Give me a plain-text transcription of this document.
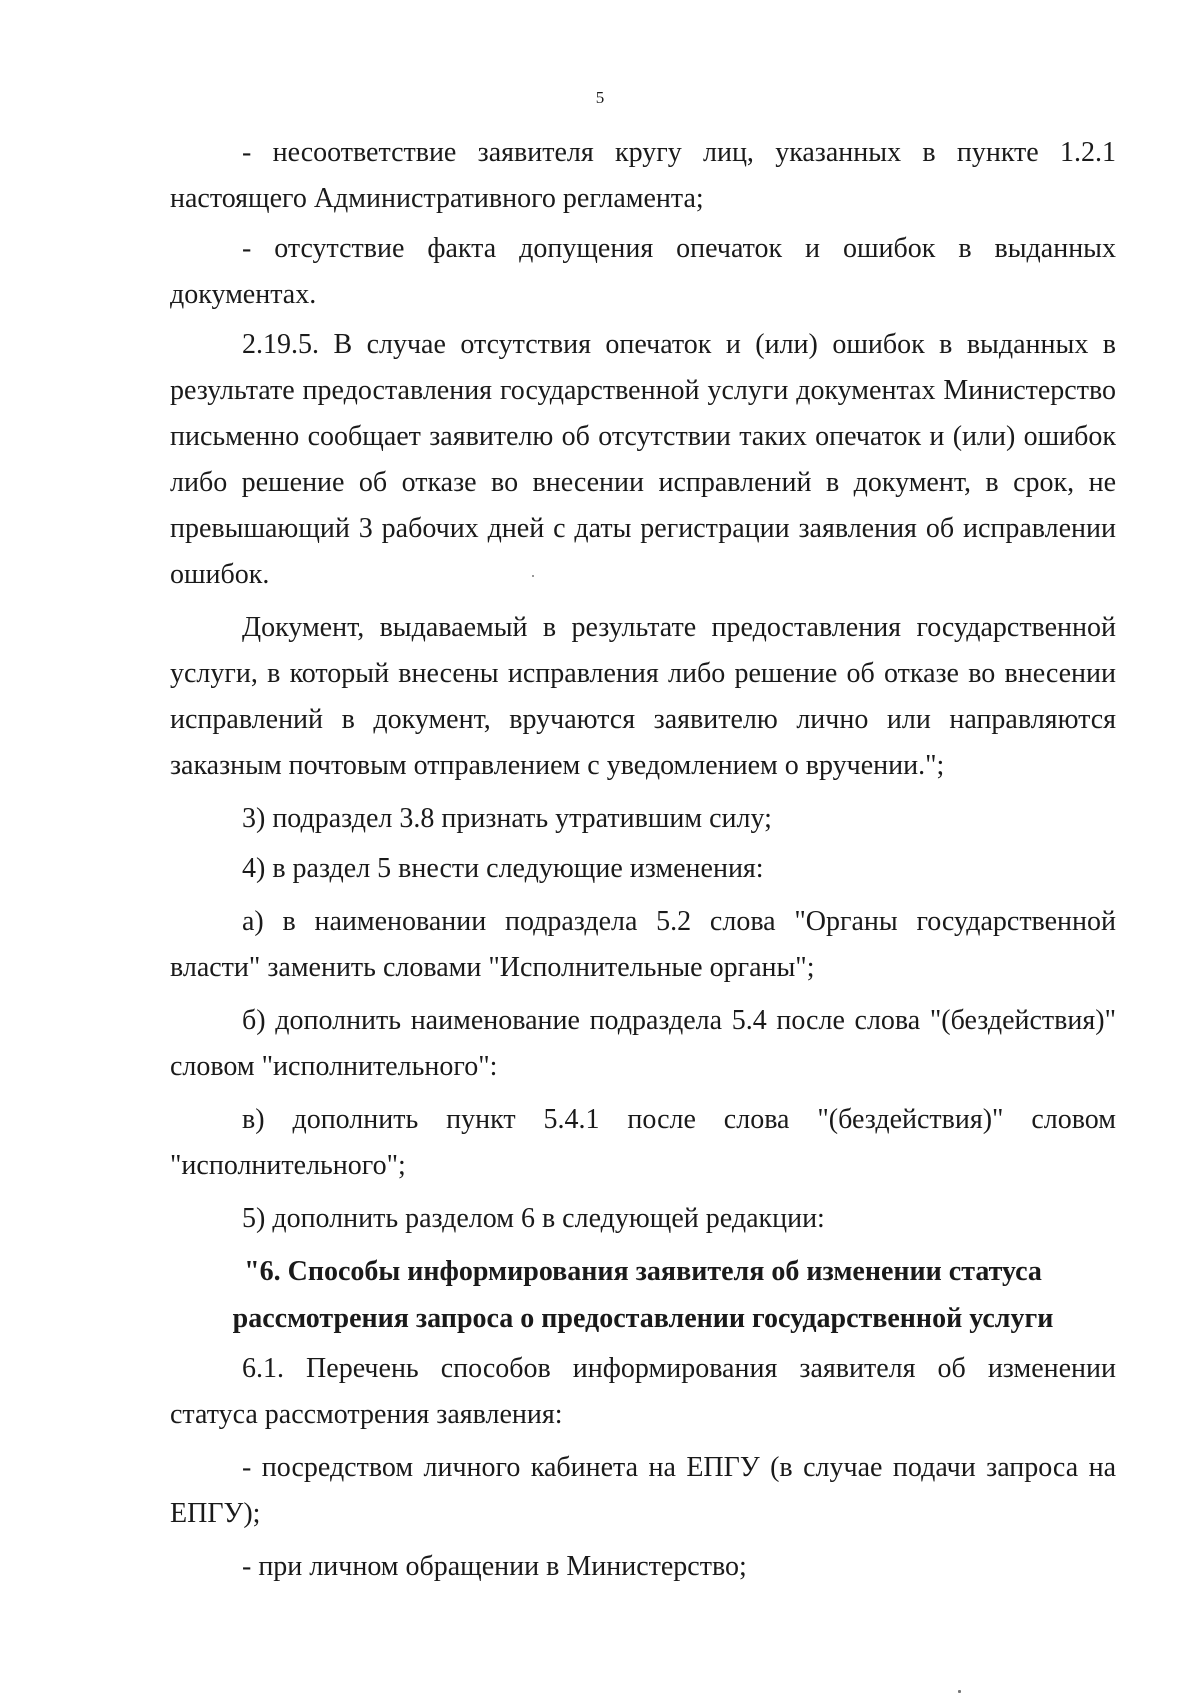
5

- несоответствие заявителя кругу лиц, указанных в пункте 1.2.1 настоящего Административного регламента;

- отсутствие факта допущения опечаток и ошибок в выданных документах.

2.19.5. В случае отсутствия опечаток и (или) ошибок в выданных в результате предоставления государственной услуги документах Министерство письменно сообщает заявителю об отсутствии таких опечаток и (или) ошибок либо решение об отказе во внесении исправлений в документ, в срок, не превышающий 3 рабочих дней с даты регистрации заявления об исправлении ошибок.

Документ, выдаваемый в результате предоставления государственной услуги, в который внесены исправления либо решение об отказе во внесении исправлений в документ, вручаются заявителю лично или направляются заказным почтовым отправлением с уведомлением о вручении.";

3) подраздел 3.8 признать утратившим силу;

4) в раздел 5 внести следующие изменения:

а) в наименовании подраздела 5.2 слова "Органы государственной власти" заменить словами "Исполнительные органы";

б) дополнить наименование подраздела 5.4 после слова "(бездействия)" словом "исполнительного":

в) дополнить пункт 5.4.1 после слова "(бездействия)" словом "исполнительного";

5) дополнить разделом 6 в следующей редакции:

"6. Способы информирования заявителя об изменении статуса
рассмотрения запроса о предоставлении государственной услуги

6.1. Перечень способов информирования заявителя об изменении статуса рассмотрения заявления:

- посредством личного кабинета на ЕПГУ (в случае подачи запроса на ЕПГУ);

- при личном обращении в Министерство;
